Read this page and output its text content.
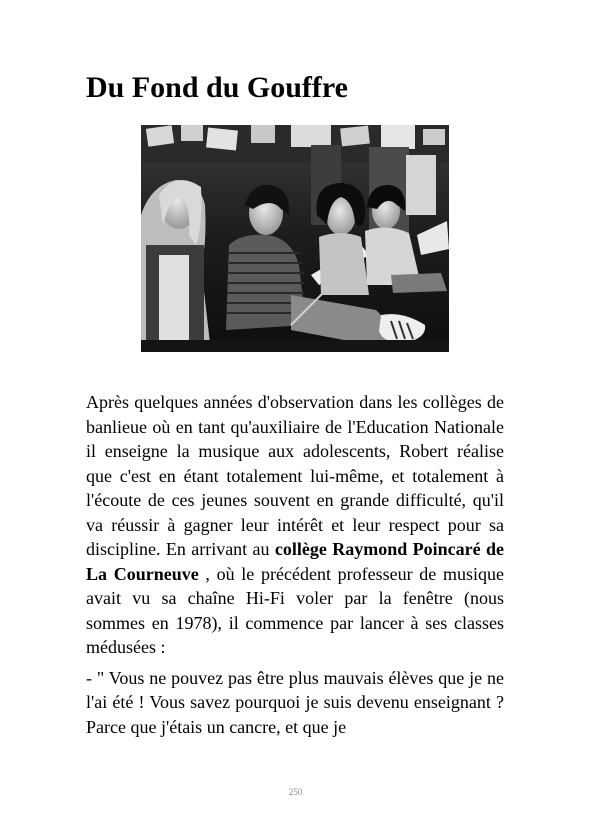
Du Fond du Gouffre

Après quelques années d'observation dans les collèges de banlieue où en tant qu'auxiliaire de l'Education Nationale il enseigne la musique aux adolescents, Robert réalise que c'est en étant totalement lui-même, et totalement à l'écoute de ces jeunes souvent en grande difficulté, qu'il va réussir à gagner leur intérêt et leur respect pour sa discipline. En arrivant au collège Raymond Poincaré de La Courneuve , où le précédent professeur de musique avait vu sa chaîne Hi-Fi voler par la fenêtre (nous sommes en 1978), il commence par lancer à ses classes médusées :

- " Vous ne pouvez pas être plus mauvais élèves que je ne l'ai été ! Vous savez pourquoi je suis devenu enseignant ? Parce que j'étais un cancre, et que je

250
